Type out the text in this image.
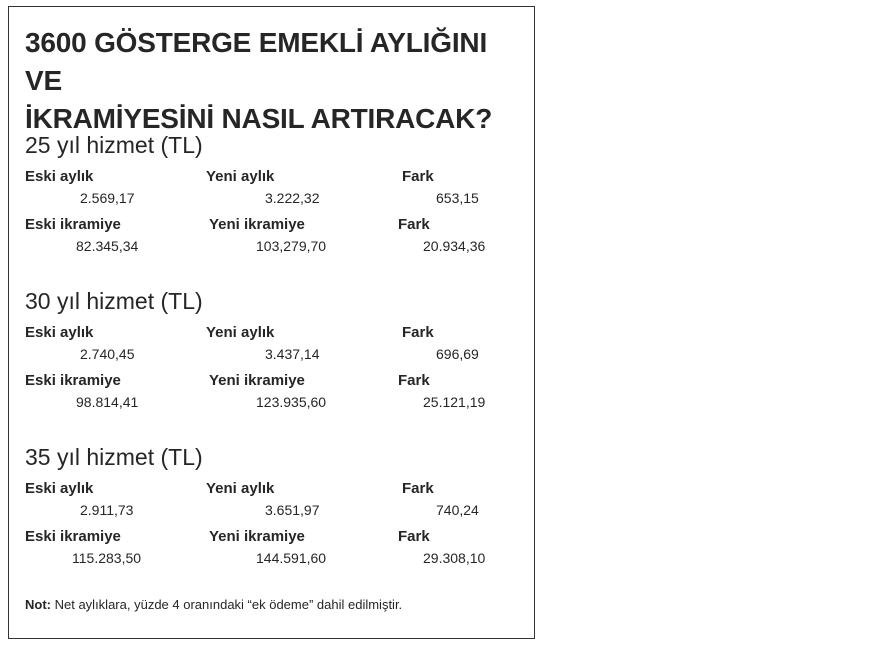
3600 GÖSTERGE EMEKLİ AYLIĞINI VE
İKRAMİYESİNİ NASIL ARTIRACAK?
25 yıl hizmet (TL)
Eski aylık	Yeni aylık	Fark
2.569,17	3.222,32	653,15
Eski ikramiye	Yeni ikramiye	Fark
82.345,34	103,279,70	20.934,36
30 yıl hizmet (TL)
Eski aylık	Yeni aylık	Fark
2.740,45	3.437,14	696,69
Eski ikramiye	Yeni ikramiye	Fark
98.814,41	123.935,60	25.121,19
35 yıl hizmet (TL)
Eski aylık	Yeni aylık	Fark
2.911,73	3.651,97	740,24
Eski ikramiye	Yeni ikramiye	Fark
115.283,50	144.591,60	29.308,10
Not: Net aylıklara, yüzde 4 oranındaki “ek ödeme” dahil edilmiştir.
